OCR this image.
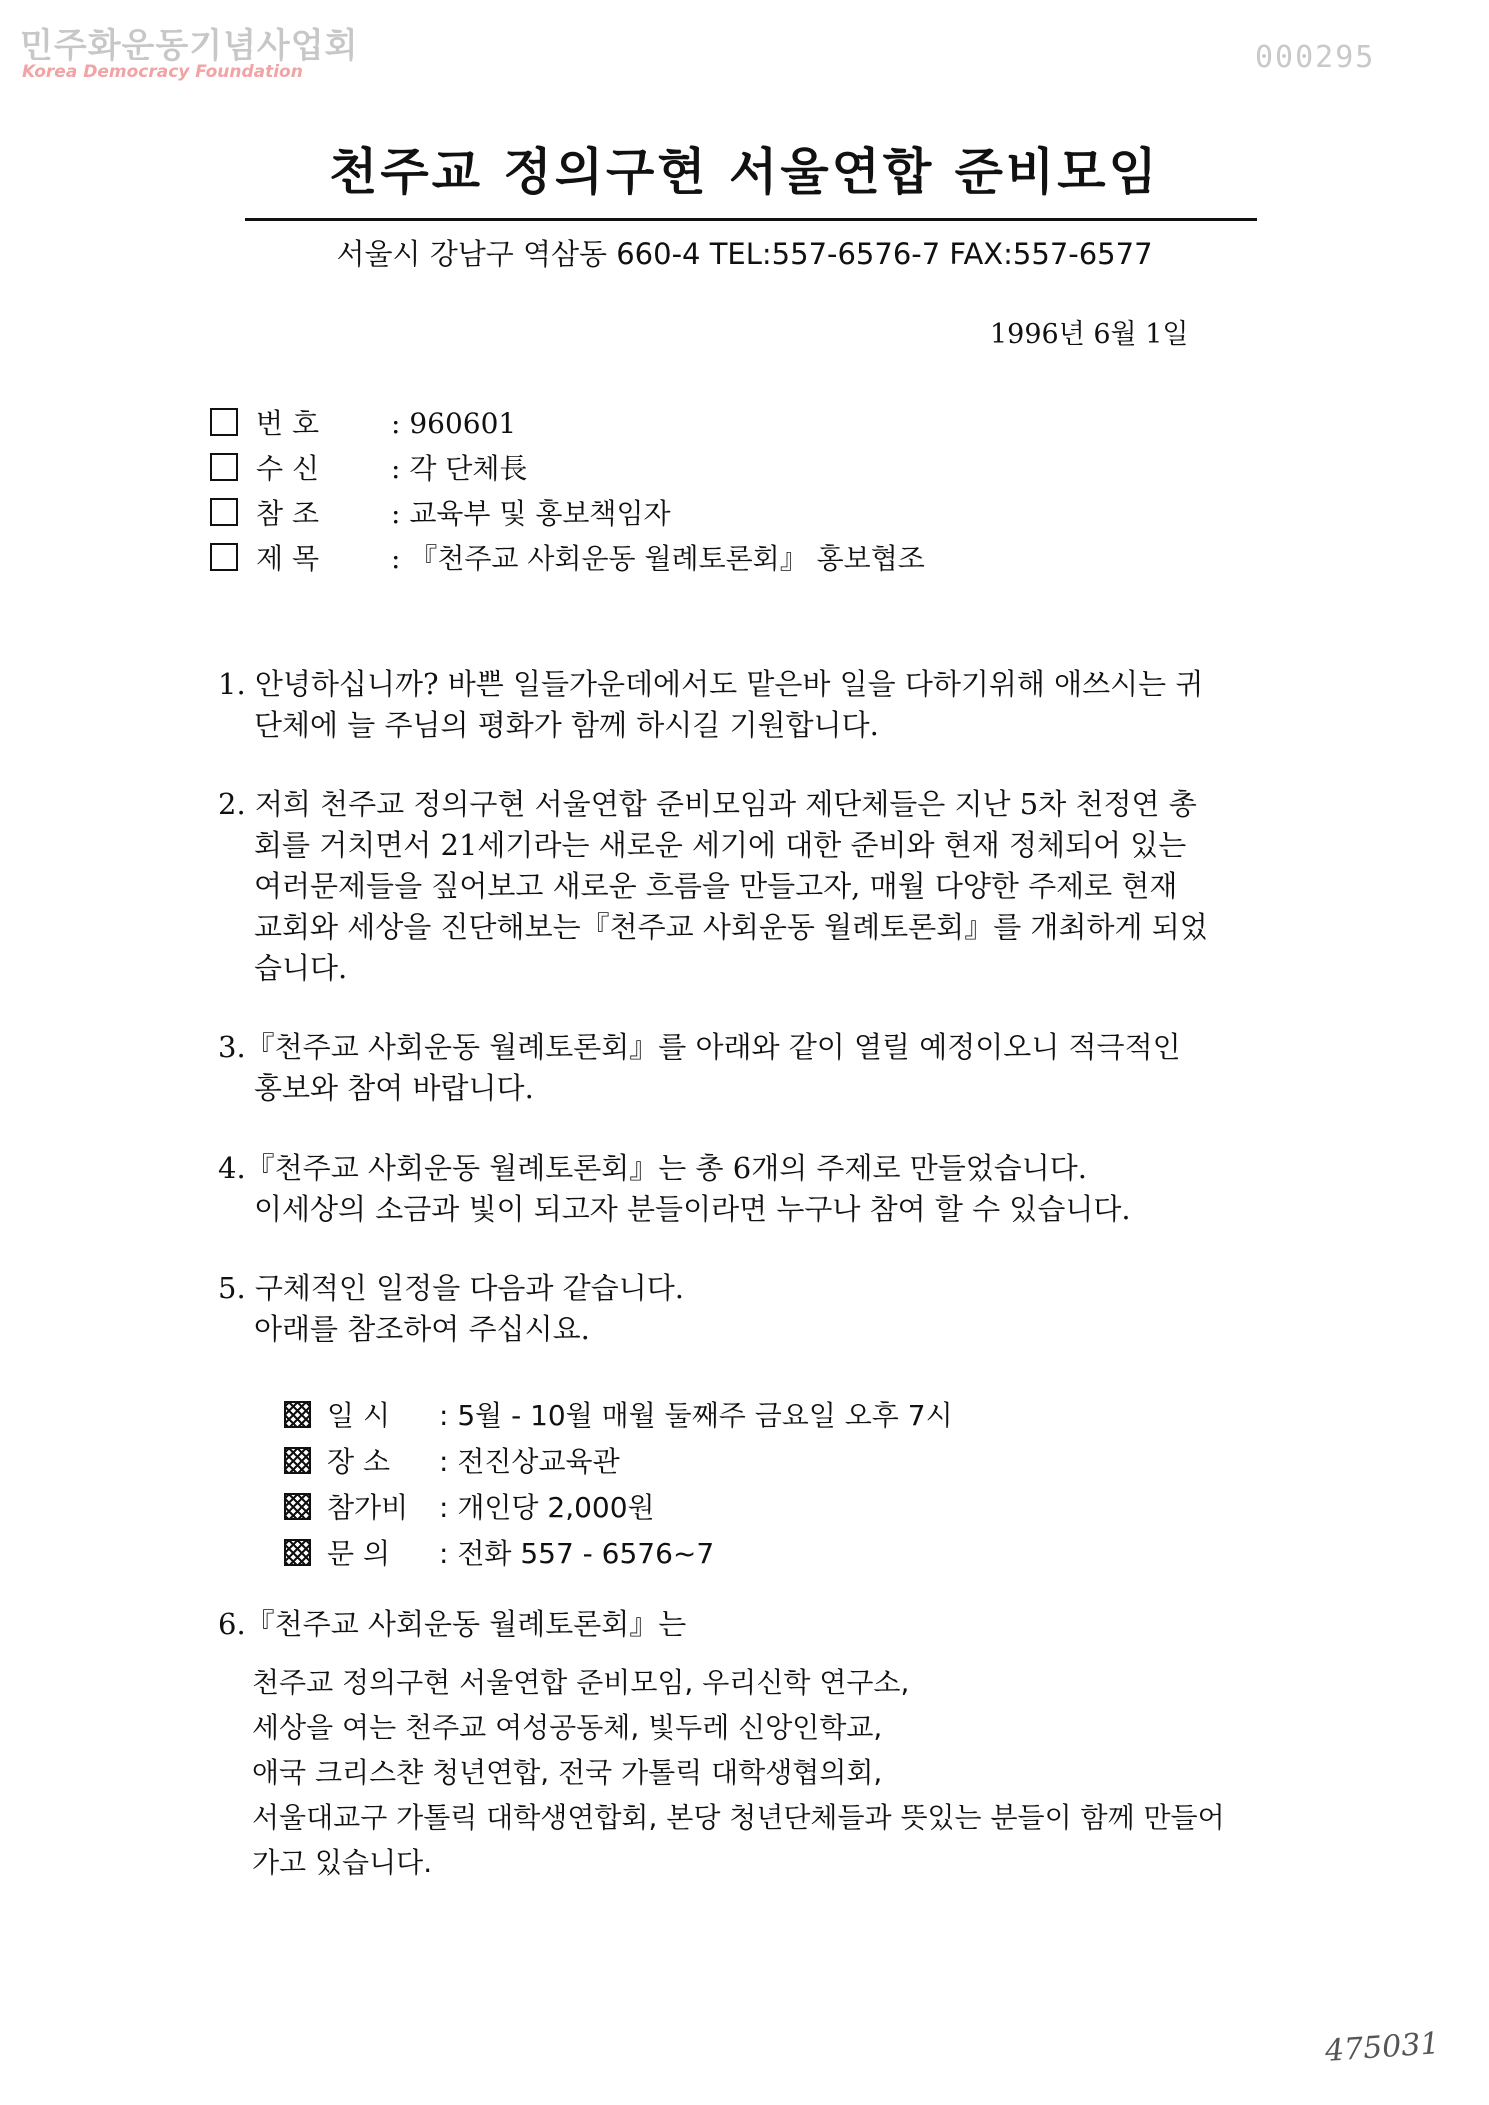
민주화운동기념사업회
Korea Democracy Foundation	000295
천주교 정의구현 서울연합 준비모임
서울시 강남구 역삼동 660-4 TEL:557-6576-7 FAX:557-6577
1996년 6월 1일
번 호	: 960601
수 신	: 각 단체長
참 조	: 교육부 및 홍보책임자
제 목	: 『천주교 사회운동 월례토론회』 홍보협조
1. 안녕하십니까? 바쁜 일들가운데에서도 맡은바 일을 다하기위해 애쓰시는 귀
단체에 늘 주님의 평화가 함께 하시길 기원합니다.
2. 저희 천주교 정의구현 서울연합 준비모임과 제단체들은 지난 5차 천정연 총
회를 거치면서 21세기라는 새로운 세기에 대한 준비와 현재 정체되어 있는
여러문제들을 짚어보고 새로운 흐름을 만들고자, 매월 다양한 주제로 현재
교회와 세상을 진단해보는『천주교 사회운동 월례토론회』를 개최하게 되었
습니다.
3.『천주교 사회운동 월례토론회』를 아래와 같이 열릴 예정이오니 적극적인
홍보와 참여 바랍니다.
4.『천주교 사회운동 월례토론회』는 총 6개의 주제로 만들었습니다.
이세상의 소금과 빛이 되고자 분들이라면 누구나 참여 할 수 있습니다.
5. 구체적인 일정을 다음과 같습니다.
아래를 참조하여 주십시요.
일 시 : 5월 - 10월 매월 둘째주 금요일 오후 7시
장 소 : 전진상교육관
참가비 : 개인당 2,000원
문 의 : 전화 557 - 6576~7
6.『천주교 사회운동 월례토론회』는
천주교 정의구현 서울연합 준비모임, 우리신학 연구소,
세상을 여는 천주교 여성공동체, 빛두레 신앙인학교,
애국 크리스챤 청년연합, 전국 가톨릭 대학생협의회,
서울대교구 가톨릭 대학생연합회, 본당 청년단체들과 뜻있는 분들이 함께 만들어
가고 있습니다.
475031
